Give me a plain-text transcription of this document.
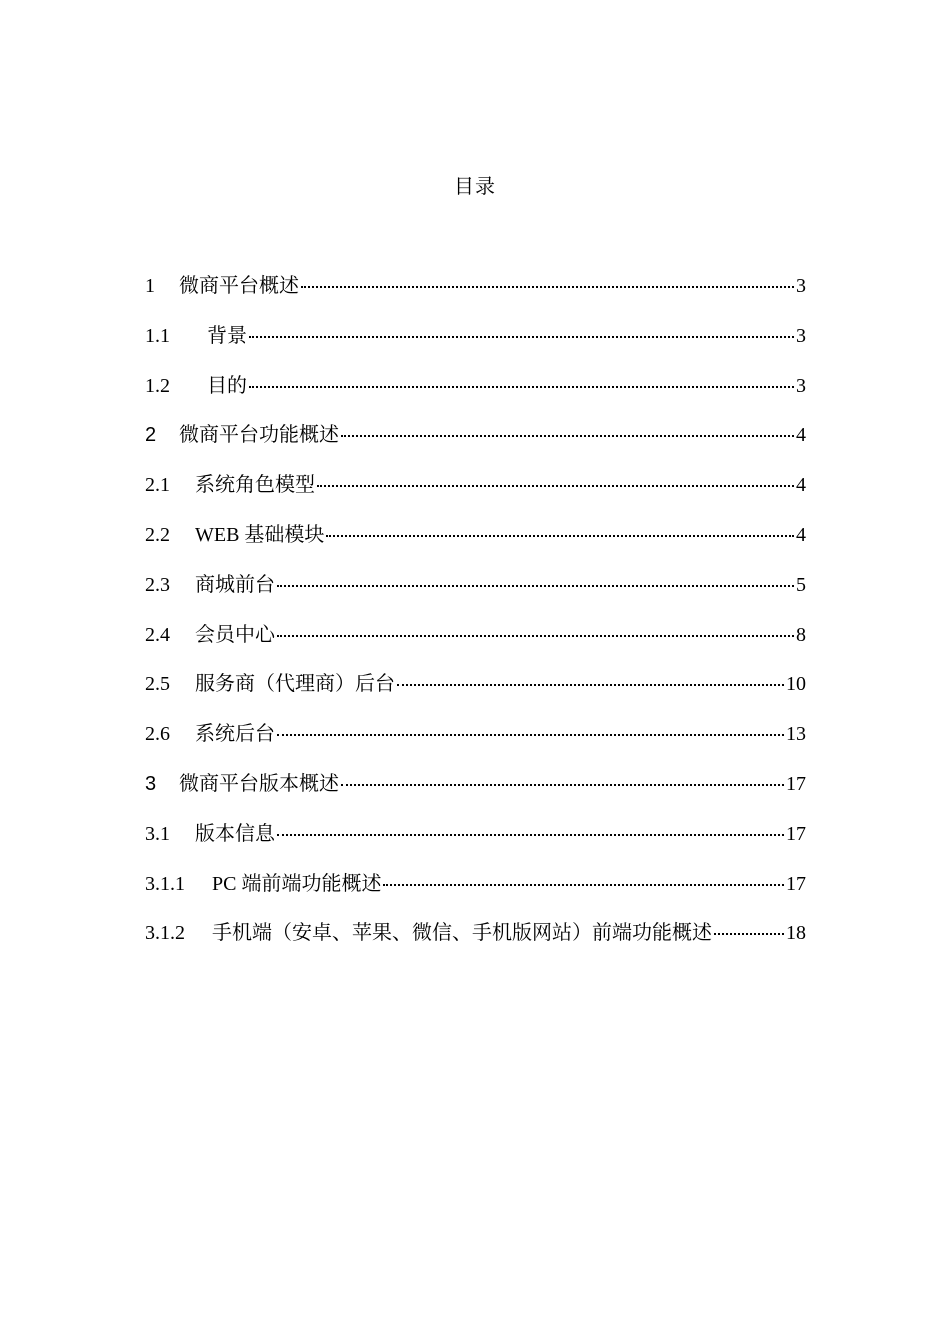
目录
1	微商平台概述	3
1.1	背景	3
1.2	目的	3
2	微商平台功能概述	4
2.1	系统角色模型	4
2.2	WEB 基础模块	4
2.3	商城前台	5
2.4	会员中心	8
2.5	服务商（代理商）后台	10
2.6	系统后台	13
3	微商平台版本概述	17
3.1	版本信息	17
3.1.1	PC 端前端功能概述	17
3.1.2	手机端（安卓、苹果、微信、手机版网站）前端功能概述	18
